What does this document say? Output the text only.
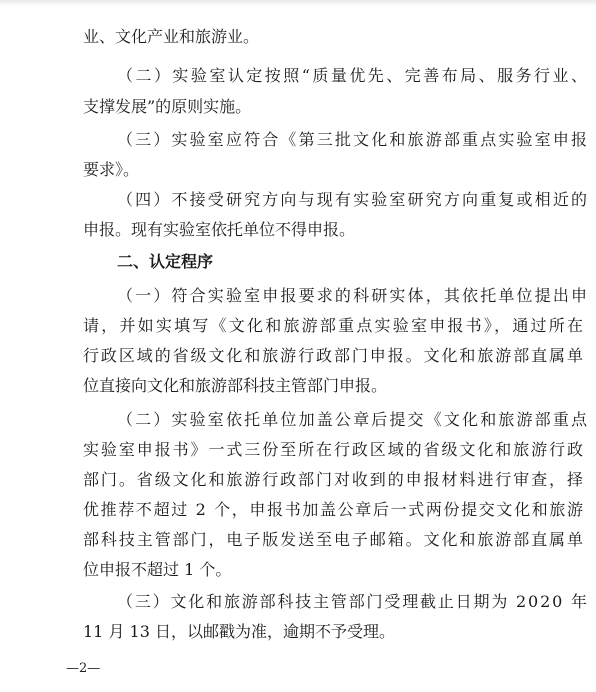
业、文化产业和旅游业。
（二）实验室认定按照“质量优先、完善布局、服务行业、
支撑发展”的原则实施。
（三）实验室应符合《第三批文化和旅游部重点实验室申报
要求》。
（四）不接受研究方向与现有实验室研究方向重复或相近的
申报。现有实验室依托单位不得申报。
二、认定程序
（一）符合实验室申报要求的科研实体，其依托单位提出申
请，并如实填写《文化和旅游部重点实验室申报书》，通过所在
行政区域的省级文化和旅游行政部门申报。文化和旅游部直属单
位直接向文化和旅游部科技主管部门申报。
（二）实验室依托单位加盖公章后提交《文化和旅游部重点
实验室申报书》一式三份至所在行政区域的省级文化和旅游行政
部门。省级文化和旅游行政部门对收到的申报材料进行审查，择
优推荐不超过 2 个，申报书加盖公章后一式两份提交文化和旅游
部科技主管部门，电子版发送至电子邮箱。文化和旅游部直属单
位申报不超过 1 个。
（三）文化和旅游部科技主管部门受理截止日期为 2020 年
11 月 13 日，以邮戳为准，逾期不予受理。
—2—
